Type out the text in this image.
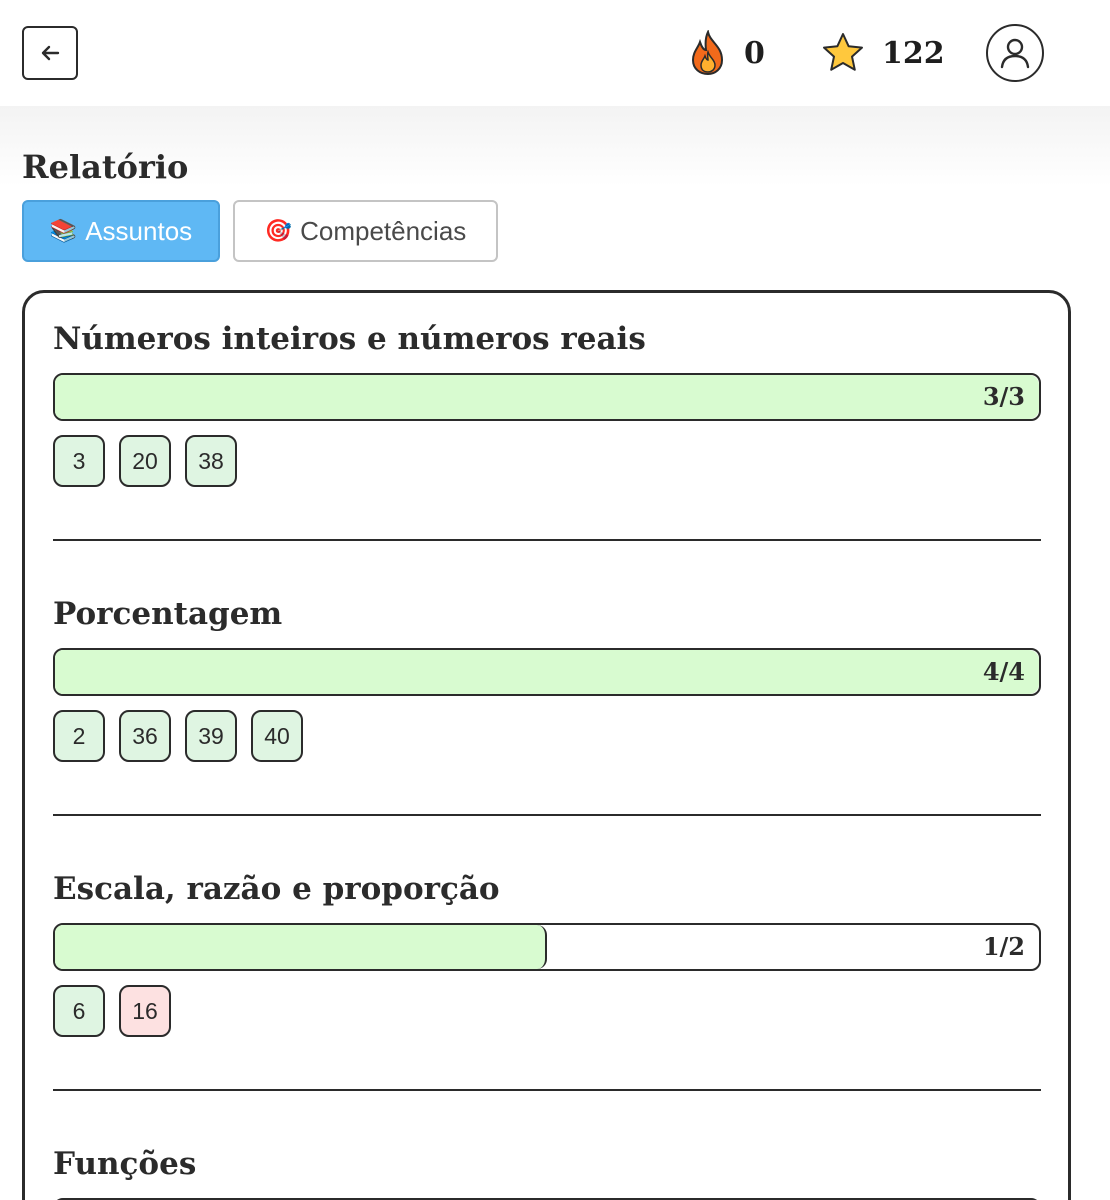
0	122
Relatório
📚 Assuntos	🎯 Competências
Números inteiros e números reais
3/3
3	20	38
Porcentagem
4/4
2	36	39	40
Escala, razão e proporção
1/2
6	16
Funções
